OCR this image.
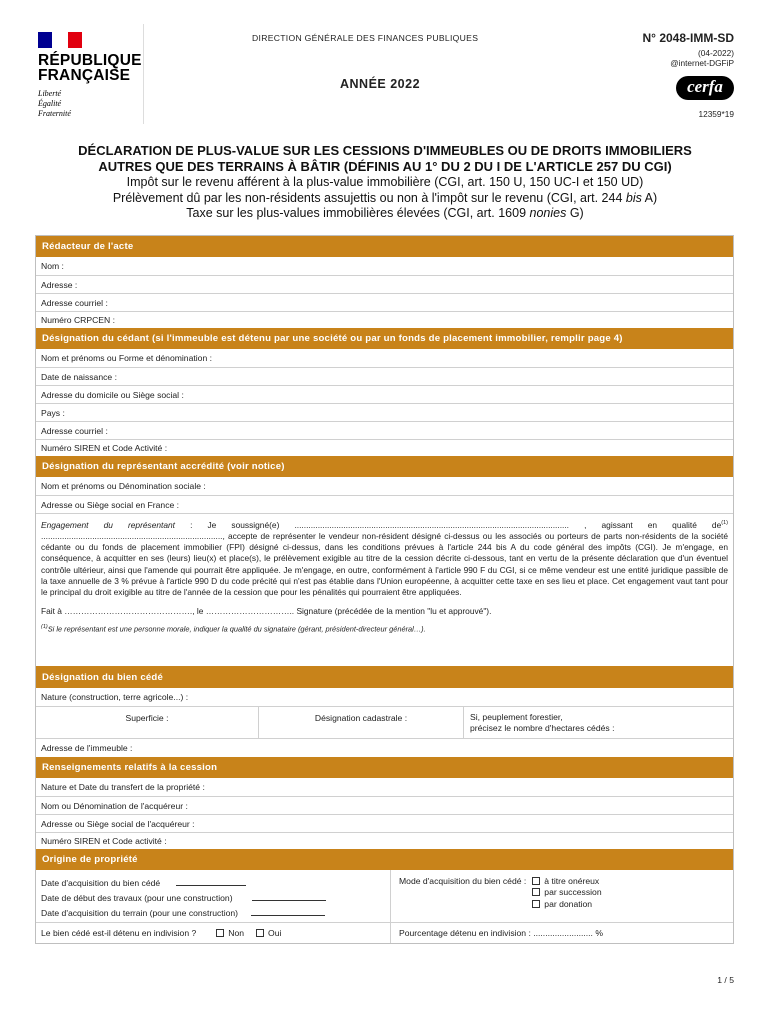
RÉPUBLIQUE
FRANÇAISE
Liberté
Égalité
Fraternité
DIRECTION GÉNÉRALE DES FINANCES PUBLIQUES
ANNÉE 2022
N° 2048-IMM-SD
(04-2022)
@internet-DGFiP
cerfa
12359*19
DÉCLARATION DE PLUS-VALUE SUR LES CESSIONS D'IMMEUBLES OU DE DROITS IMMOBILIERS
AUTRES QUE DES TERRAINS À BÂTIR (DÉFINIS AU 1° DU 2 DU I DE L'ARTICLE 257 DU CGI)
Impôt sur le revenu afférent à la plus-value immobilière (CGI, art. 150 U, 150 UC-I et 150 UD)
Prélèvement dû par les non-résidents assujettis ou non à l'impôt sur le revenu (CGI, art. 244 bis A)
Taxe sur les plus-values immobilières élevées (CGI, art. 1609 nonies G)
Rédacteur de l'acte
Nom :
Adresse :
Adresse courriel :
Numéro CRPCEN :
Désignation du cédant (si l'immeuble est détenu par une société ou par un fonds de placement immobilier, remplir page 4)
Nom et prénoms ou Forme et dénomination :
Date de naissance :
Adresse du domicile ou Siège social :
Pays :
Adresse courriel :
Numéro SIREN et Code Activité :
Désignation du représentant accrédité (voir notice)
Nom et prénoms ou Dénomination sociale :
Adresse ou Siège social en France :
Engagement du représentant : Je soussigné(e) ...................................................................................................................... , agissant en qualité $de^{(1)}$ .............................................................................., accepte de représenter le vendeur non-résident désigné ci-dessus ou les associés ou porteurs de parts non-résidents de la société cédante ou du fonds de placement immobilier (FPI) désigné ci-dessus, dans les conditions prévues à l'article 244 bis A du code général des impôts (CGI). Je m'engage, en conséquence, à acquitter en ses (leurs) lieu(x) et place(s), le prélèvement exigible au titre de la cession décrite ci-dessous, tant en vertu de la présente déclaration que d'un éventuel contrôle ultérieur, ainsi que l'amende qui pourrait être appliquée. Je m'engage, en outre, conformément à l'article 990 F du CGI, si ce même vendeur est une entité juridique passible de la taxe annuelle de 3 % prévue à l'article 990 D du code précité qui n'est pas établie dans l'Union européenne, à acquitter cette taxe en ses lieu et place. Cet engagement vaut tant pour le principal du droit exigible au titre de l'année de la cession que pour les pénalités qui pourraient être appliquées.
Fait à ………………………………………., le ………………………….. Signature (précédée de la mention "lu et approuvé").
$^{(1)}$Si le représentant est une personne morale, indiquer la qualité du signataire (gérant, président-directeur général…).
Désignation du bien cédé
Nature (construction, terre agricole...) :
Superficie :	Désignation cadastrale :	Si, peuplement forestier,
précisez le nombre d'hectares cédés :
Adresse de l'immeuble :
Renseignements relatifs à la cession
Nature et Date du transfert de la propriété :
Nom ou Dénomination de l'acquéreur :
Adresse ou Siège social de l'acquéreur :
Numéro SIREN et Code activité :
Origine de propriété
Date d'acquisition du bien cédé
Date de début des travaux (pour une construction)
Date d'acquisition du terrain (pour une construction)
Mode d'acquisition du bien cédé :	à titre onéreux
par succession
par donation
Le bien cédé est-il détenu en indivision ?	Non	Oui	Pourcentage détenu en indivision : ......................... %
1 / 5
